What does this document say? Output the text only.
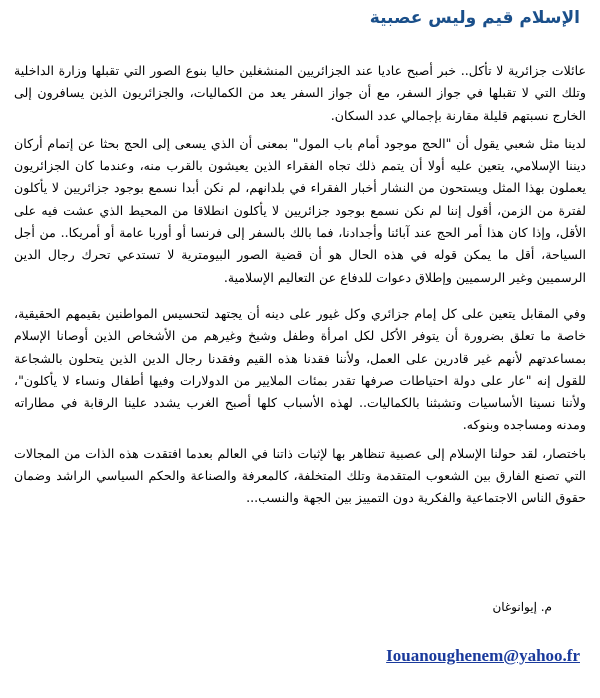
الإسلام قيم وليس عصبية

عائلات جزائرية لا تأكل.. خبر أصبح عاديا عند الجزائريين المنشغلين حاليا بنوع الصور التي تقبلها وزارة الداخلية وتلك التي لا تقبلها في جواز السفر، مع أن جواز السفر يعد من الكماليات، والجزائريون الذين يسافرون إلى الخارج نسبتهم قليلة مقارنة بإجمالي عدد السكان.

لدينا مثل شعبي يقول أن "الحج موجود أمام باب المول" بمعنى أن الذي يسعى إلى الحج بحثا عن إتمام أركان ديننا الإسلامي، يتعين عليه أولا أن يتمم ذلك تجاه الفقراء الذين يعيشون بالقرب منه، وعندما كان الجزائريون يعملون بهذا المثل ويستحون من النشار أخبار الفقراء في بلدانهم، لم نكن أبدا نسمع بوجود جزائريين لا يأكلون لفترة من الزمن، أقول إننا لم نكن نسمع بوجود جزائريين لا يأكلون انطلاقا من المحيط الذي عشت فيه على الأقل، وإذا كان هذا أمر الحج عند آبائنا وأجدادنا، فما بالك بالسفر إلى فرنسا أو أوربا عامة أو أمريكا.. من أجل السياحة، أقل ما يمكن قوله في هذه الحال هو أن قضية الصور البيومترية لا تستدعي تحرك رجال الدين الرسميين وغير الرسميين وإطلاق دعوات للدفاع عن التعاليم الإسلامية.

وفي المقابل يتعين على كل إمام جزائري وكل غيور على دينه أن يجتهد لتحسيس المواطنين بقيمهم الحقيقية، خاصة ما تعلق بضرورة أن يتوفر الأكل لكل امرأة وطفل وشيخ وغيرهم من الأشخاص الذين أوصانا الإسلام بمساعدتهم لأنهم غير قادرين على العمل، ولأننا فقدنا هذه القيم وفقدنا رجال الدين الذين يتحلون بالشجاعة للقول إنه "عار على دولة احتياطات صرفها تقدر بمئات الملايير من الدولارات وفيها أطفال ونساء لا يأكلون"، ولأننا نسينا الأساسيات وتشبثنا بالكماليات.. لهذه الأسباب كلها أصبح الغرب يشدد علينا الرقابة في مطاراته ومدنه ومساجده وبنوكه.

باختصار، لقد حولنا الإسلام إلى عصبية تنظاهر بها لإثبات ذاتنا في العالم بعدما افتقدت هذه الذات من المجالات التي تصنع الفارق بين الشعوب المتقدمة وتلك المتخلفة، كالمعرفة والصناعة والحكم السياسي الراشد وضمان حقوق الناس الاجتماعية والفكرية دون التمييز بين الجهة والنسب...

م. إيوانوغان
Iouanoughenem@yahoo.fr
